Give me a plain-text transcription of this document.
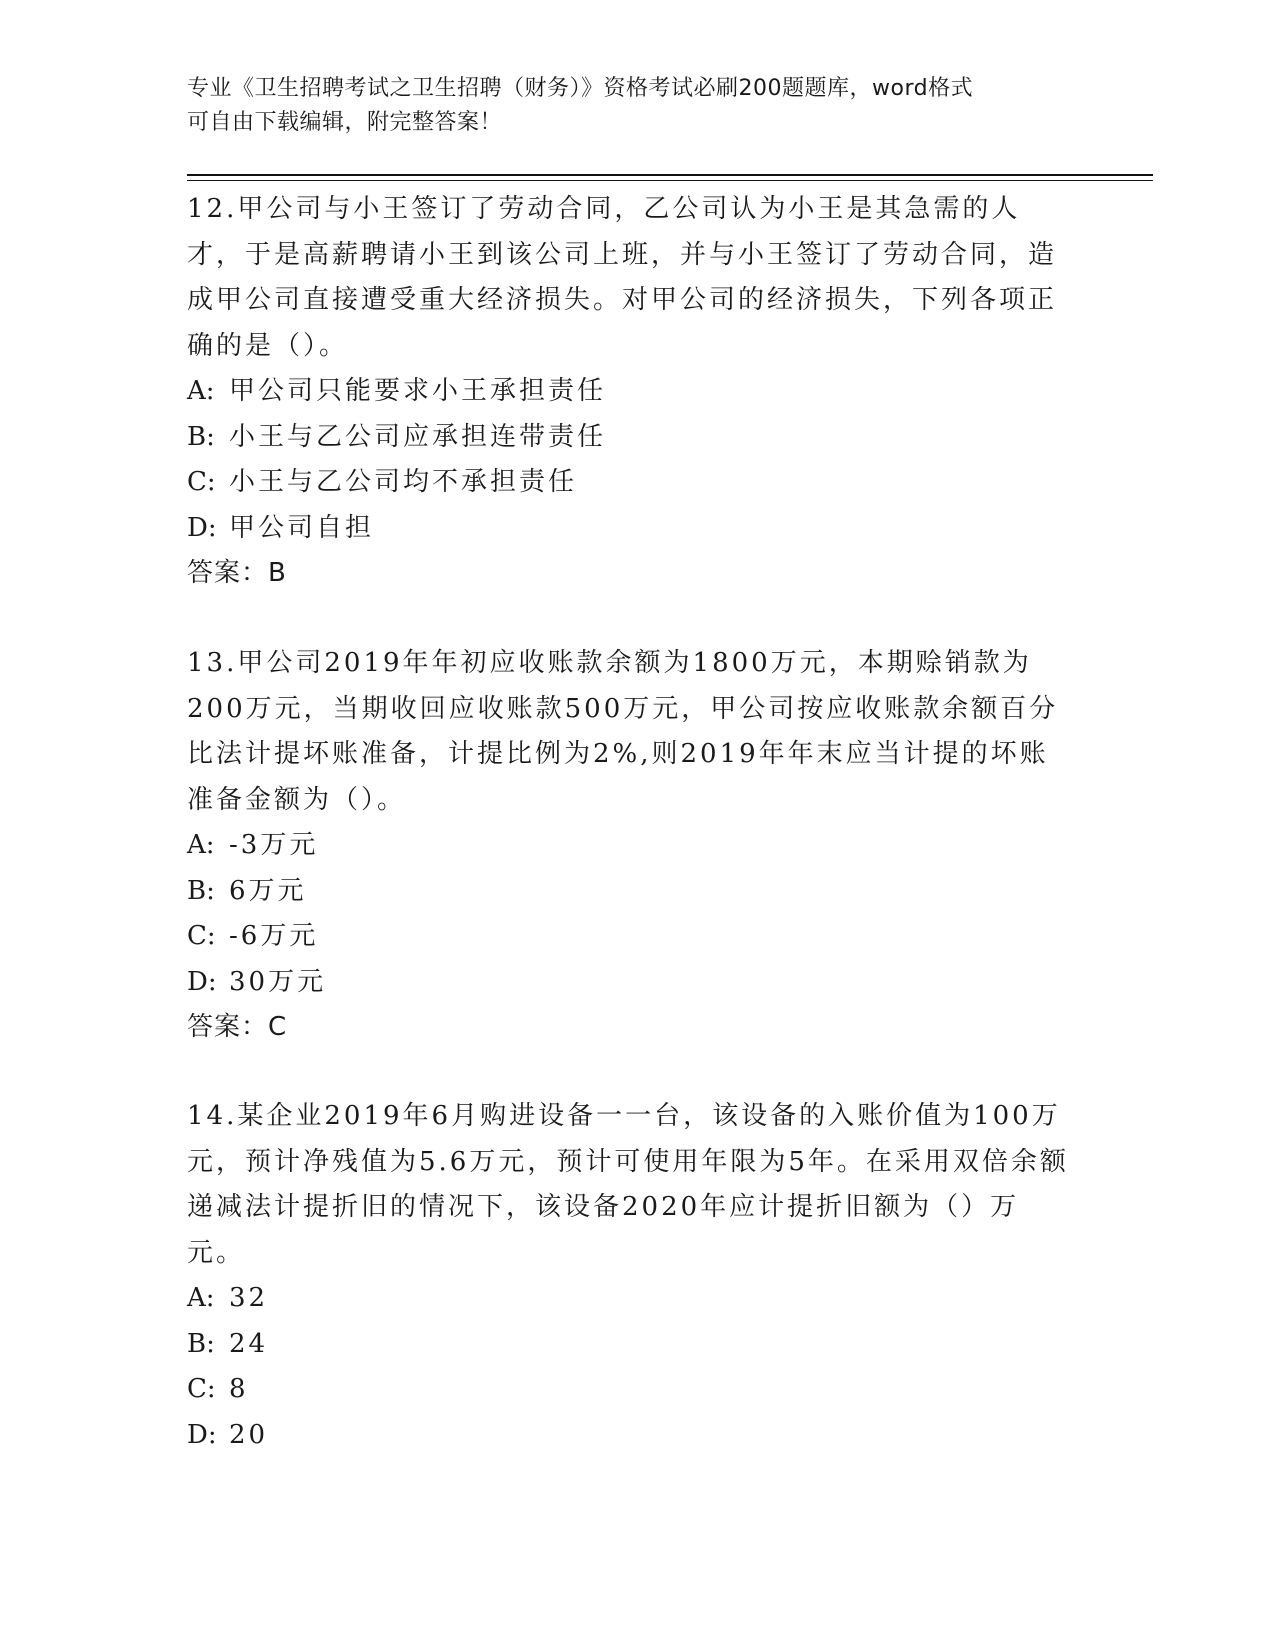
专业《卫生招聘考试之卫生招聘（财务）》资格考试必刷200题题库，word格式
可自由下载编辑，附完整答案！

12.甲公司与小王签订了劳动合同，乙公司认为小王是其急需的人才，于是高薪聘请小王到该公司上班，并与小王签订了劳动合同，造成甲公司直接遭受重大经济损失。对甲公司的经济损失，下列各项正确的是（）。

A: 甲公司只能要求小王承担责任

B: 小王与乙公司应承担连带责任

C: 小王与乙公司均不承担责任

D: 甲公司自担

答案：B

13.甲公司2019年年初应收账款余额为1800万元，本期赊销款为200万元，当期收回应收账款500万元，甲公司按应收账款余额百分比法计提坏账准备，计提比例为2%,则2019年年末应当计提的坏账准备金额为（）。

A: -3万元

B: 6万元

C: -6万元

D: 30万元

答案：C

14.某企业2019年6月购进设备一一台，该设备的入账价值为100万元，预计净残值为5.6万元，预计可使用年限为5年。在采用双倍余额递减法计提折旧的情况下，该设备2020年应计提折旧额为（）万元。

A: 32

B: 24

C: 8

D: 20
